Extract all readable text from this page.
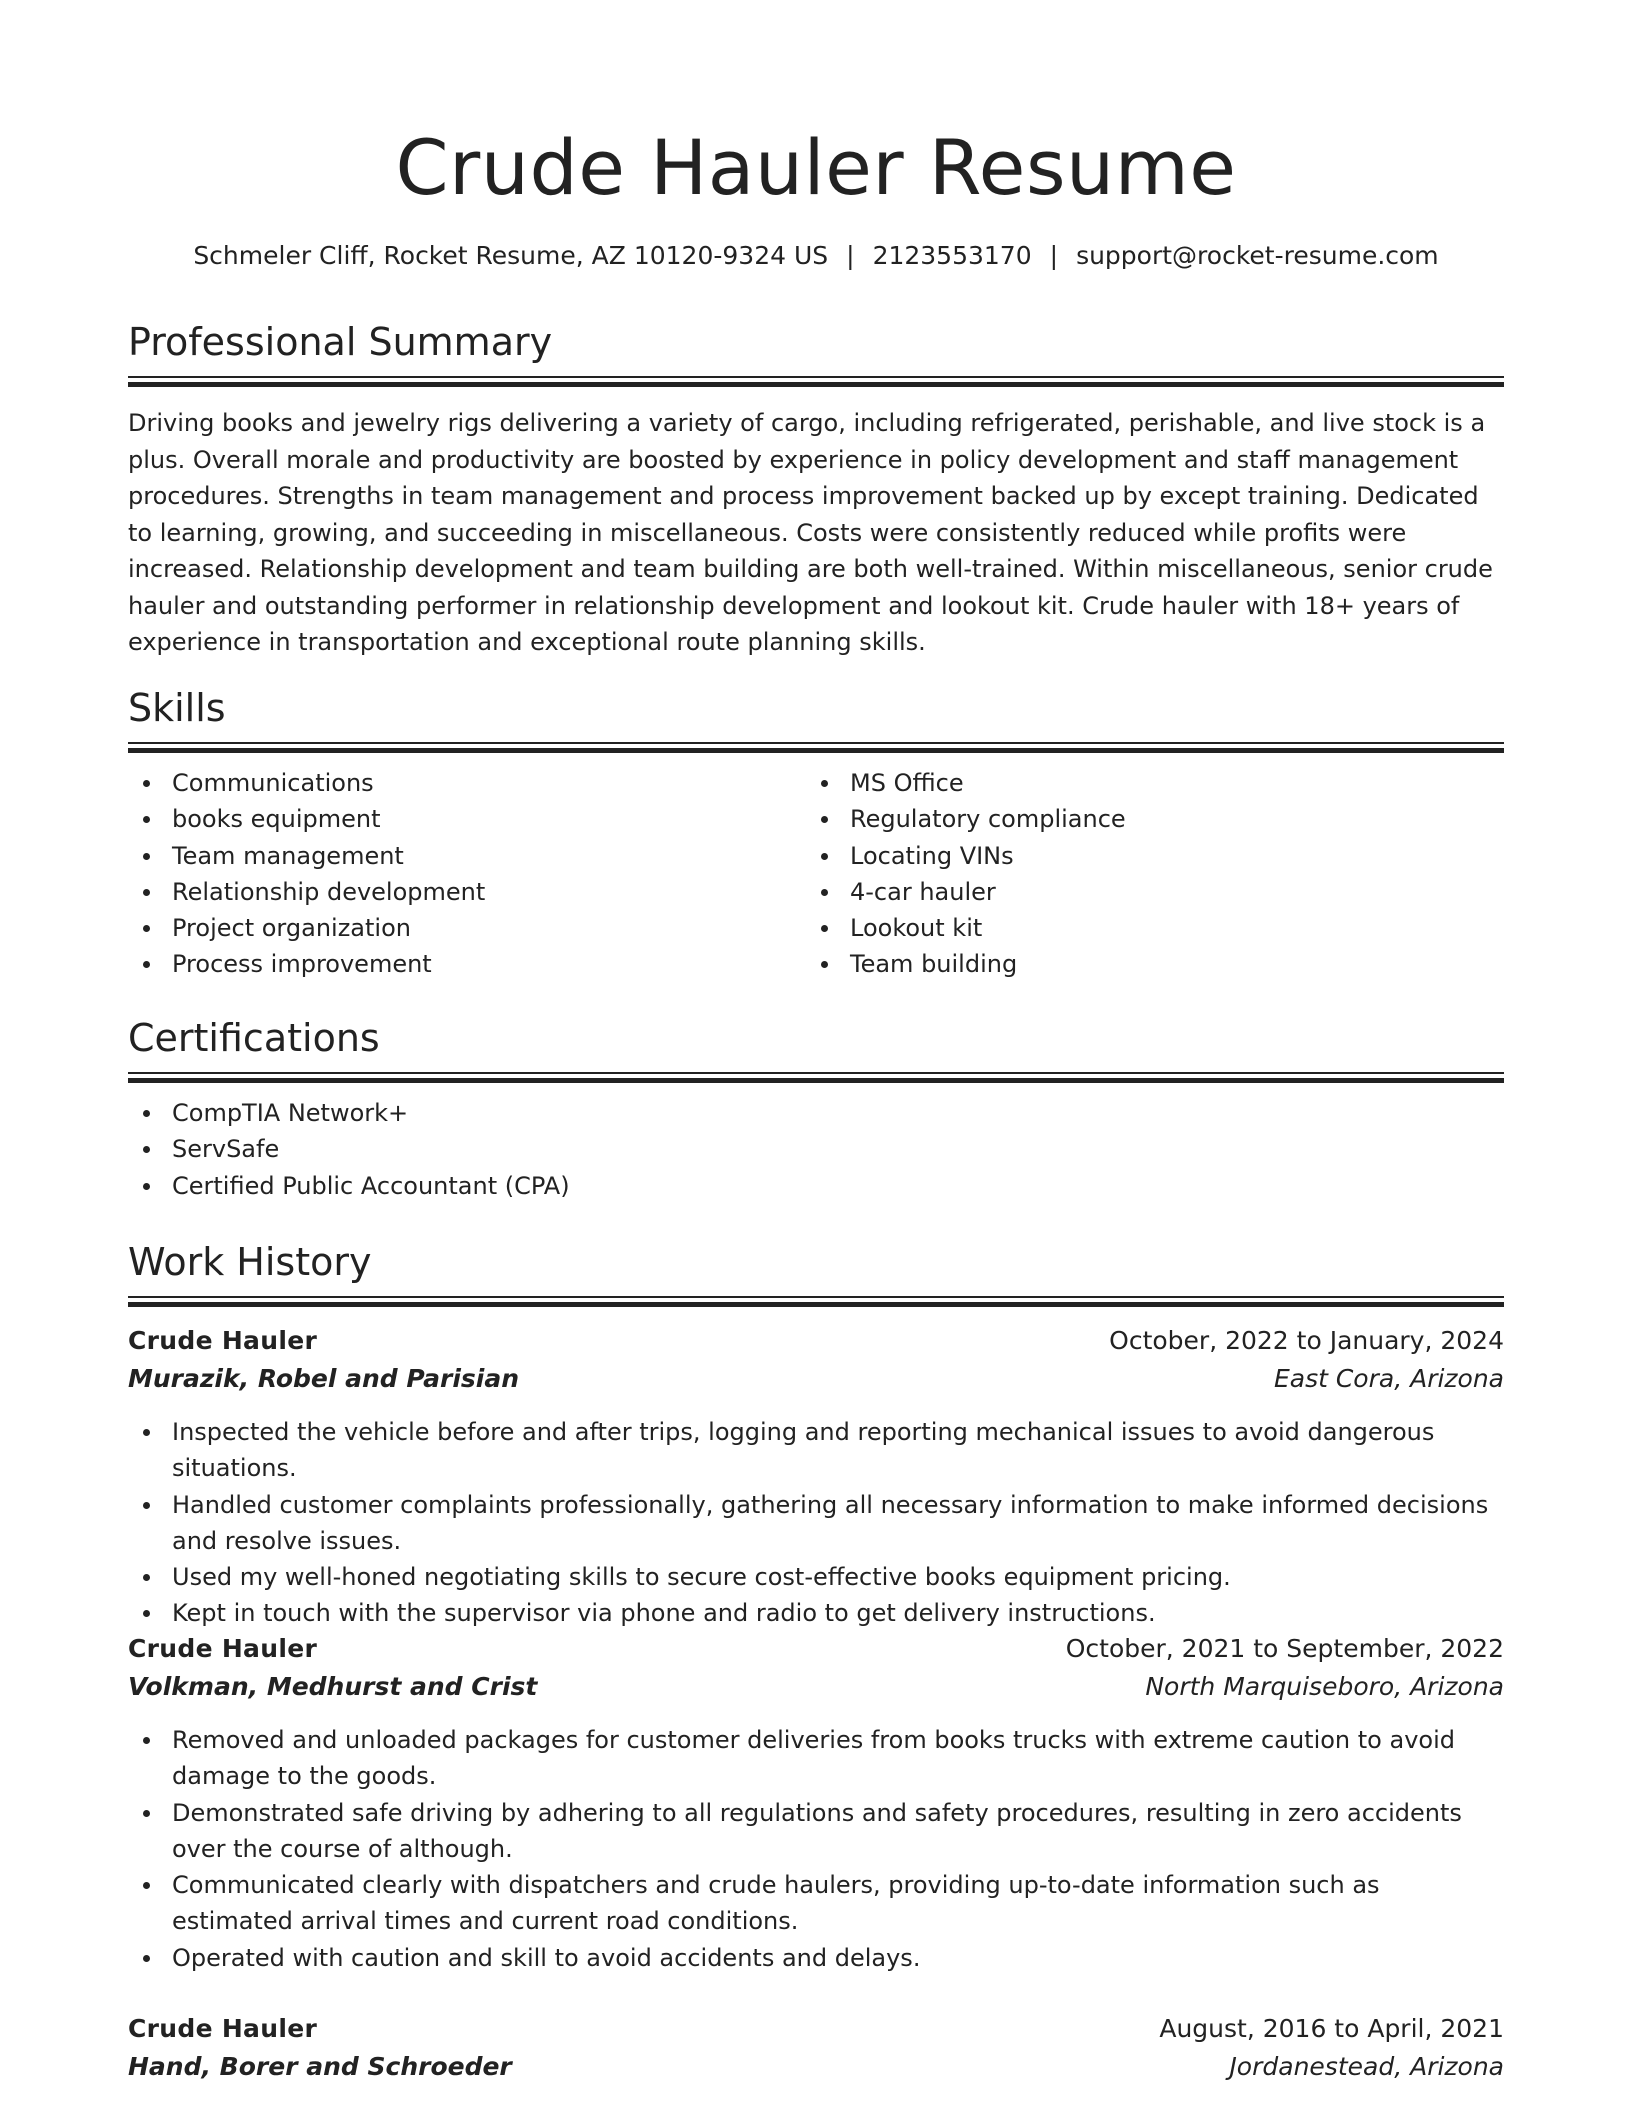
Crude Hauler Resume
Schmeler Cliff, Rocket Resume, AZ 10120-9324 US | 2123553170 | support@rocket-resume.com
Professional Summary

Driving books and jewelry rigs delivering a variety of cargo, including refrigerated, perishable, and live stock is a plus. Overall morale and productivity are boosted by experience in policy development and staff management procedures. Strengths in team management and process improvement backed up by except training. Dedicated to learning, growing, and succeeding in miscellaneous. Costs were consistently reduced while profits were increased. Relationship development and team building are both well-trained. Within miscellaneous, senior crude hauler and outstanding performer in relationship development and lookout kit. Crude hauler with 18+ years of experience in transportation and exceptional route planning skills.

Skills
Communications
books equipment
Team management
Relationship development
Project organization
Process improvement
MS Office
Regulatory compliance
Locating VINs
4-car hauler
Lookout kit
Team building
Certifications
CompTIA Network+
ServSafe
Certified Public Accountant (CPA)
Work History
Crude Hauler	October, 2022 to January, 2024
Murazik, Robel and Parisian	East Cora, Arizona
Inspected the vehicle before and after trips, logging and reporting mechanical issues to avoid dangerous situations.
Handled customer complaints professionally, gathering all necessary information to make informed decisions and resolve issues.
Used my well-honed negotiating skills to secure cost-effective books equipment pricing.
Kept in touch with the supervisor via phone and radio to get delivery instructions.
Crude Hauler	October, 2021 to September, 2022
Volkman, Medhurst and Crist	North Marquiseboro, Arizona
Removed and unloaded packages for customer deliveries from books trucks with extreme caution to avoid damage to the goods.
Demonstrated safe driving by adhering to all regulations and safety procedures, resulting in zero accidents over the course of although.
Communicated clearly with dispatchers and crude haulers, providing up-to-date information such as estimated arrival times and current road conditions.
Operated with caution and skill to avoid accidents and delays.
Crude Hauler	August, 2016 to April, 2021
Hand, Borer and Schroeder	Jordanestead, Arizona
